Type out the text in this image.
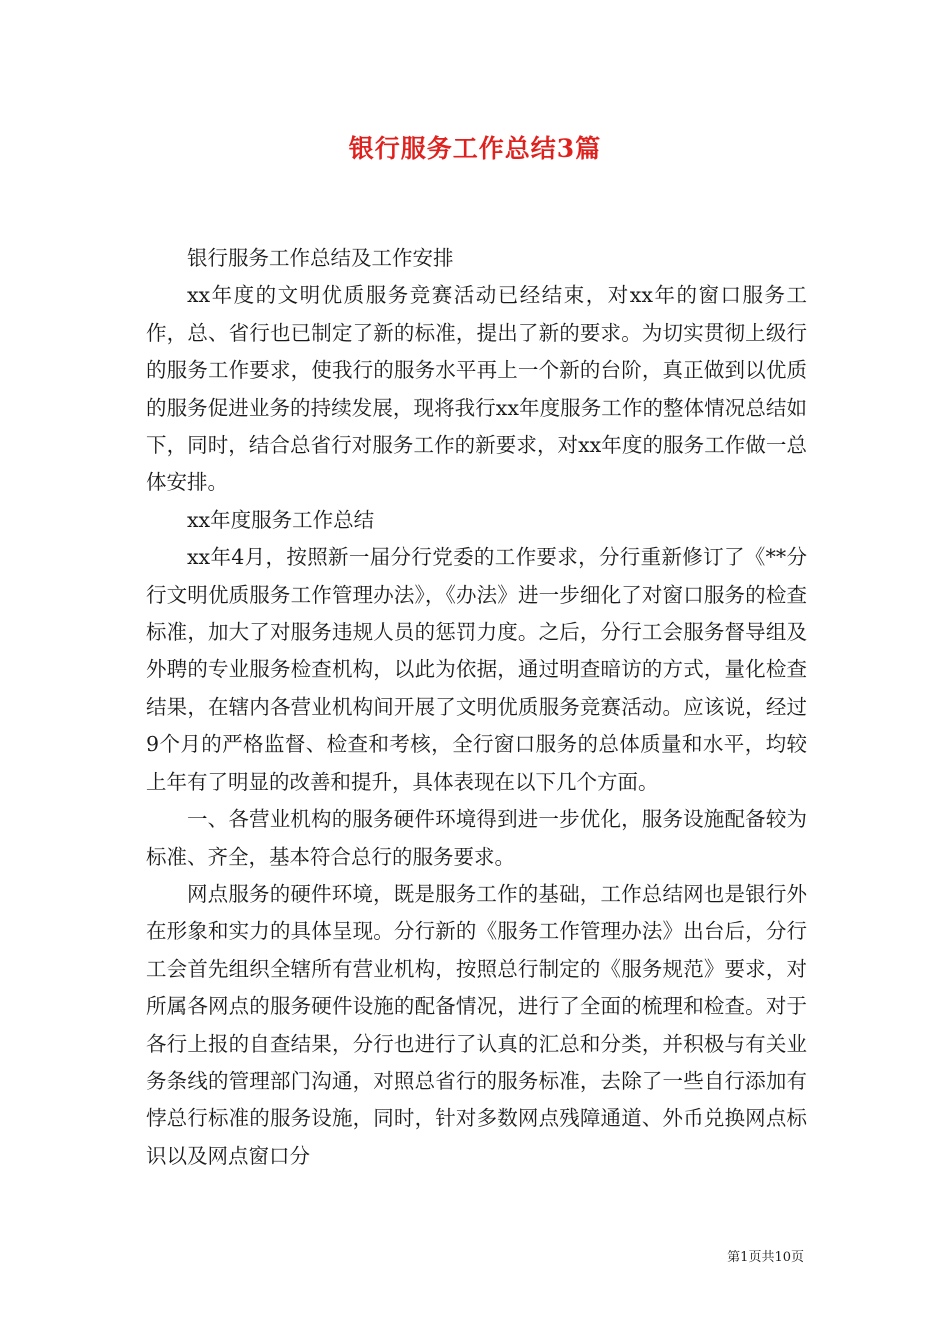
银行服务工作总结3篇

银行服务工作总结及工作安排

xx年度的文明优质服务竞赛活动已经结束，对xx年的窗口服务工作，总、省行也已制定了新的标准，提出了新的要求。为切实贯彻上级行的服务工作要求，使我行的服务水平再上一个新的台阶，真正做到以优质的服务促进业务的持续发展，现将我行xx年度服务工作的整体情况总结如下，同时，结合总省行对服务工作的新要求，对xx年度的服务工作做一总体安排。

xx年度服务工作总结

xx年4月，按照新一届分行党委的工作要求，分行重新修订了《**分行文明优质服务工作管理办法》，《办法》进一步细化了对窗口服务的检查标准，加大了对服务违规人员的惩罚力度。之后，分行工会服务督导组及外聘的专业服务检查机构，以此为依据，通过明查暗访的方式，量化检查结果，在辖内各营业机构间开展了文明优质服务竞赛活动。应该说，经过9个月的严格监督、检查和考核，全行窗口服务的总体质量和水平，均较上年有了明显的改善和提升，具体表现在以下几个方面。

一、各营业机构的服务硬件环境得到进一步优化，服务设施配备较为标准、齐全，基本符合总行的服务要求。

网点服务的硬件环境，既是服务工作的基础，工作总结网也是银行外在形象和实力的具体呈现。分行新的《服务工作管理办法》出台后，分行工会首先组织全辖所有营业机构，按照总行制定的《服务规范》要求，对所属各网点的服务硬件设施的配备情况，进行了全面的梳理和检查。对于各行上报的自查结果，分行也进行了认真的汇总和分类，并积极与有关业务条线的管理部门沟通，对照总省行的服务标准，去除了一些自行添加有悖总行标准的服务设施，同时，针对多数网点残障通道、外币兑换网点标识以及网点窗口分

第1页共10页
